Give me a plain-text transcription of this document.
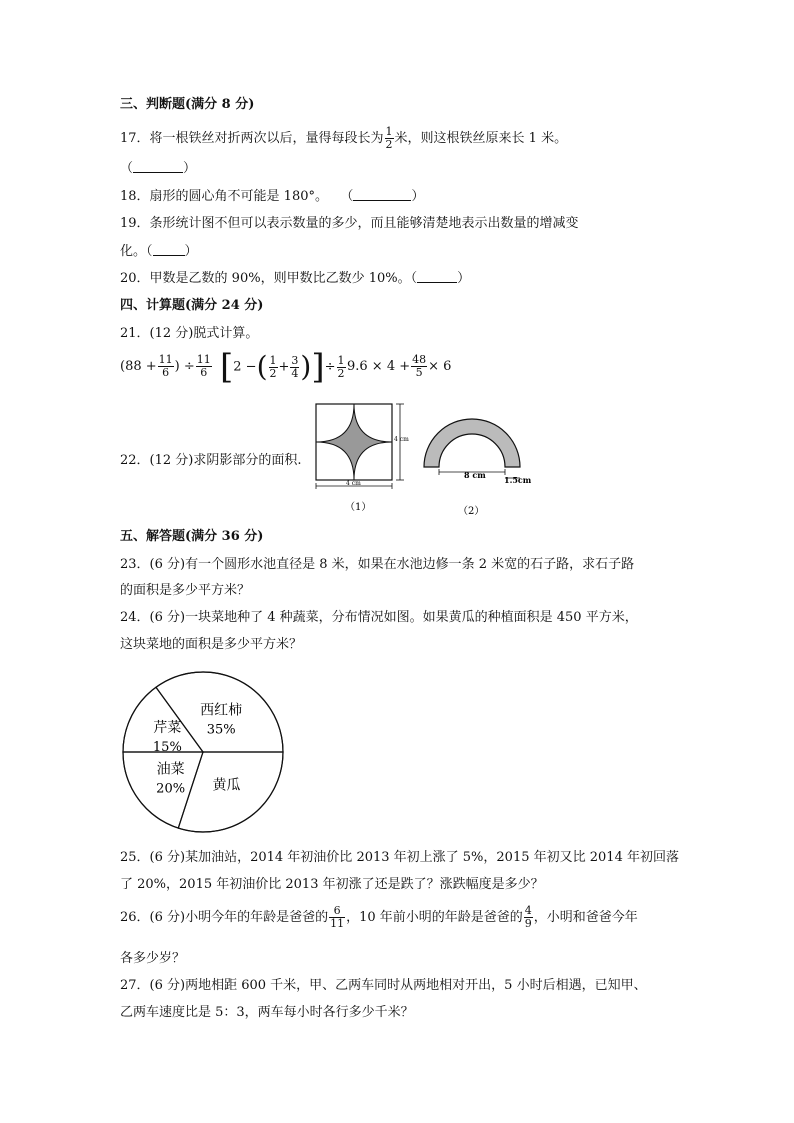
三、判断题(满分 8 分)
17．将一根铁丝对折两次以后，量得每段长为 $\frac{1}{2}$ 米，则这根铁丝原来长 1 米。
（	）
18．扇形的圆心角不可能是 180°。 （	）
19．条形统计图不但可以表示数量的多少，而且能够清楚地表示出数量的增减变
化。（ ）
20．甲数是乙数的 90%，则甲数比乙数少 10%。（	）
四、计算题(满分 24 分)
21．(12 分)脱式计算。
($88 + \frac{11}{6}$ ) ÷ $\frac{11}{6} [2$ −( $\frac{1}{2} + \frac{3}{4}$ )]÷ $\frac{1}{2} 9.6 \times 4 + \frac{48}{5} \times 6$
22．(12 分)求阴影部分的面积.
4 cm
4 cm
（1）
8 cm 1.5cm
（2）
五、解答题(满分 36 分)
23．(6 分)有一个圆形水池直径是 8 米，如果在水池边修一条 2 米宽的石子路，求石子路
的面积是多少平方米？
24．(6 分)一块菜地种了 4 种蔬菜，分布情况如图。如果黄瓜的种植面积是 450 平方米，
这块菜地的面积是多少平方米？
西红柿
35%
黄瓜
油菜
20%
芹菜
15%
25．(6 分)某加油站，2014 年初油价比 2013 年初上涨了 5%，2015 年初又比 2014 年初回落
了 20%，2015 年初油价比 2013 年初涨了还是跌了？涨跌幅度是多少？
26．(6 分)小明今年的年龄是爸爸的 $\frac{6}{11}$ ，10 年前小明的年龄是爸爸的 $\frac{4}{9}$ ，小明和爸爸今年
各多少岁？
27．(6 分)两地相距 600 千米，甲、乙两车同时从两地相对开出，5 小时后相遇，已知甲、
乙两车速度比是 5：3，两车每小时各行多少千米？
